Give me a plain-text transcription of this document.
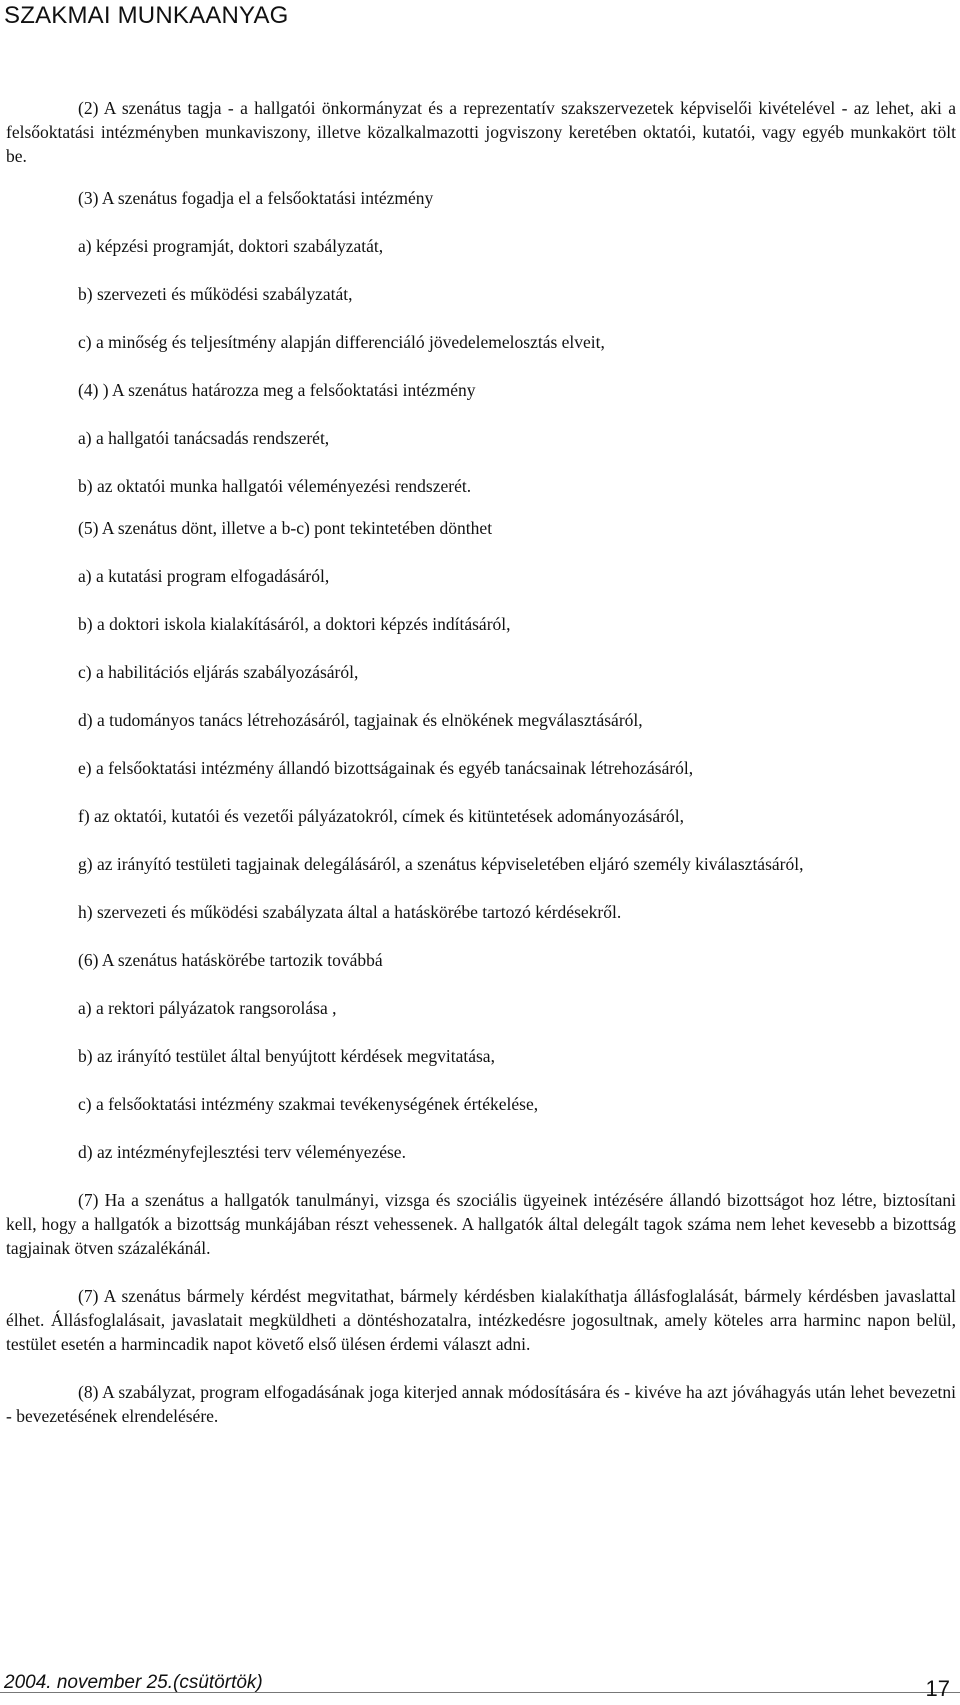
SZAKMAI MUNKAANYAG

(2) A szenátus tagja - a hallgatói önkormányzat és a reprezentatív szakszervezetek képviselői kivételével - az lehet, aki a felsőoktatási intézményben munkaviszony, illetve közalkalmazotti jogviszony keretében oktatói, kutatói, vagy egyéb munkakört tölt be.

(3) A szenátus fogadja el a felsőoktatási intézmény

a) képzési programját, doktori szabályzatát,

b) szervezeti és működési szabályzatát,

c) a minőség és teljesítmény alapján differenciáló jövedelemelosztás elveit,

(4) ) A szenátus határozza meg a felsőoktatási intézmény

a) a hallgatói tanácsadás rendszerét,

b) az oktatói munka hallgatói véleményezési rendszerét.

(5) A szenátus dönt, illetve a b-c) pont tekintetében dönthet

a) a kutatási program elfogadásáról,

b) a doktori iskola kialakításáról, a doktori képzés indításáról,

c) a habilitációs eljárás szabályozásáról,

d) a tudományos tanács létrehozásáról, tagjainak és elnökének megválasztásáról,

e) a felsőoktatási intézmény állandó bizottságainak és egyéb tanácsainak létrehozásáról,

f) az oktatói, kutatói és vezetői pályázatokról, címek és kitüntetések adományozásáról,

g) az irányító testületi tagjainak delegálásáról, a szenátus képviseletében eljáró személy kiválasztásáról,

h) szervezeti és működési szabályzata által a hatáskörébe tartozó kérdésekről.

(6) A szenátus hatáskörébe tartozik továbbá

a) a rektori pályázatok rangsorolása ,

b) az irányító testület által benyújtott kérdések megvitatása,

c) a felsőoktatási intézmény szakmai tevékenységének értékelése,

d) az intézményfejlesztési terv véleményezése.

(7) Ha a szenátus a hallgatók tanulmányi, vizsga és szociális ügyeinek intézésére állandó bizottságot hoz létre, biztosítani kell, hogy a hallgatók a bizottság munkájában részt vehessenek. A hallgatók által delegált tagok száma nem lehet kevesebb a bizottság tagjainak ötven százalékánál.

(7) A szenátus bármely kérdést megvitathat, bármely kérdésben kialakíthatja állásfoglalását, bármely kérdésben javaslattal élhet. Állásfoglalásait, javaslatait megküldheti a döntéshozatalra, intézkedésre jogosultnak, amely köteles arra harminc napon belül, testület esetén a harmincadik napot követő első ülésen érdemi választ adni.

(8) A szabályzat, program elfogadásának joga kiterjed annak módosítására és - kivéve ha azt jóváhagyás után lehet bevezetni - bevezetésének elrendelésére.

2004. november 25.(csütörtök)	17
